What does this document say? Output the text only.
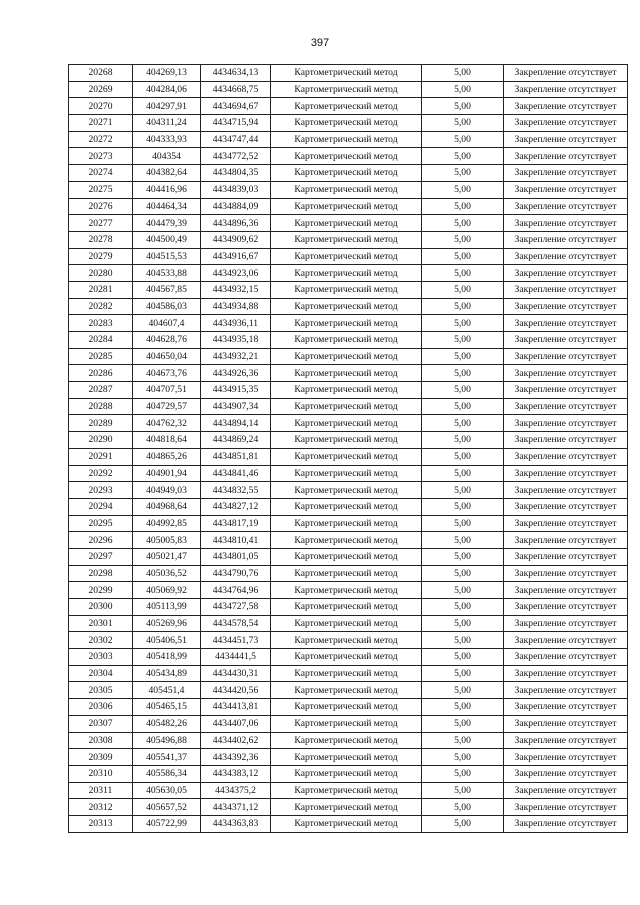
397
20268	404269,13	4434634,13	Картометрический метод	5,00	Закрепление отсутствует
20269	404284,06	4434668,75	Картометрический метод	5,00	Закрепление отсутствует
20270	404297,91	4434694,67	Картометрический метод	5,00	Закрепление отсутствует
20271	404311,24	4434715,94	Картометрический метод	5,00	Закрепление отсутствует
20272	404333,93	4434747,44	Картометрический метод	5,00	Закрепление отсутствует
20273	404354	4434772,52	Картометрический метод	5,00	Закрепление отсутствует
20274	404382,64	4434804,35	Картометрический метод	5,00	Закрепление отсутствует
20275	404416,96	4434839,03	Картометрический метод	5,00	Закрепление отсутствует
20276	404464,34	4434884,09	Картометрический метод	5,00	Закрепление отсутствует
20277	404479,39	4434896,36	Картометрический метод	5,00	Закрепление отсутствует
20278	404500,49	4434909,62	Картометрический метод	5,00	Закрепление отсутствует
20279	404515,53	4434916,67	Картометрический метод	5,00	Закрепление отсутствует
20280	404533,88	4434923,06	Картометрический метод	5,00	Закрепление отсутствует
20281	404567,85	4434932,15	Картометрический метод	5,00	Закрепление отсутствует
20282	404586,03	4434934,88	Картометрический метод	5,00	Закрепление отсутствует
20283	404607,4	4434936,11	Картометрический метод	5,00	Закрепление отсутствует
20284	404628,76	4434935,18	Картометрический метод	5,00	Закрепление отсутствует
20285	404650,04	4434932,21	Картометрический метод	5,00	Закрепление отсутствует
20286	404673,76	4434926,36	Картометрический метод	5,00	Закрепление отсутствует
20287	404707,51	4434915,35	Картометрический метод	5,00	Закрепление отсутствует
20288	404729,57	4434907,34	Картометрический метод	5,00	Закрепление отсутствует
20289	404762,32	4434894,14	Картометрический метод	5,00	Закрепление отсутствует
20290	404818,64	4434869,24	Картометрический метод	5,00	Закрепление отсутствует
20291	404865,26	4434851,81	Картометрический метод	5,00	Закрепление отсутствует
20292	404901,94	4434841,46	Картометрический метод	5,00	Закрепление отсутствует
20293	404949,03	4434832,55	Картометрический метод	5,00	Закрепление отсутствует
20294	404968,64	4434827,12	Картометрический метод	5,00	Закрепление отсутствует
20295	404992,85	4434817,19	Картометрический метод	5,00	Закрепление отсутствует
20296	405005,83	4434810,41	Картометрический метод	5,00	Закрепление отсутствует
20297	405021,47	4434801,05	Картометрический метод	5,00	Закрепление отсутствует
20298	405036,52	4434790,76	Картометрический метод	5,00	Закрепление отсутствует
20299	405069,92	4434764,96	Картометрический метод	5,00	Закрепление отсутствует
20300	405113,99	4434727,58	Картометрический метод	5,00	Закрепление отсутствует
20301	405269,96	4434578,54	Картометрический метод	5,00	Закрепление отсутствует
20302	405406,51	4434451,73	Картометрический метод	5,00	Закрепление отсутствует
20303	405418,99	4434441,5	Картометрический метод	5,00	Закрепление отсутствует
20304	405434,89	4434430,31	Картометрический метод	5,00	Закрепление отсутствует
20305	405451,4	4434420,56	Картометрический метод	5,00	Закрепление отсутствует
20306	405465,15	4434413,81	Картометрический метод	5,00	Закрепление отсутствует
20307	405482,26	4434407,06	Картометрический метод	5,00	Закрепление отсутствует
20308	405496,88	4434402,62	Картометрический метод	5,00	Закрепление отсутствует
20309	405541,37	4434392,36	Картометрический метод	5,00	Закрепление отсутствует
20310	405586,34	4434383,12	Картометрический метод	5,00	Закрепление отсутствует
20311	405630,05	4434375,2	Картометрический метод	5,00	Закрепление отсутствует
20312	405657,52	4434371,12	Картометрический метод	5,00	Закрепление отсутствует
20313	405722,99	4434363,83	Картометрический метод	5,00	Закрепление отсутствует
